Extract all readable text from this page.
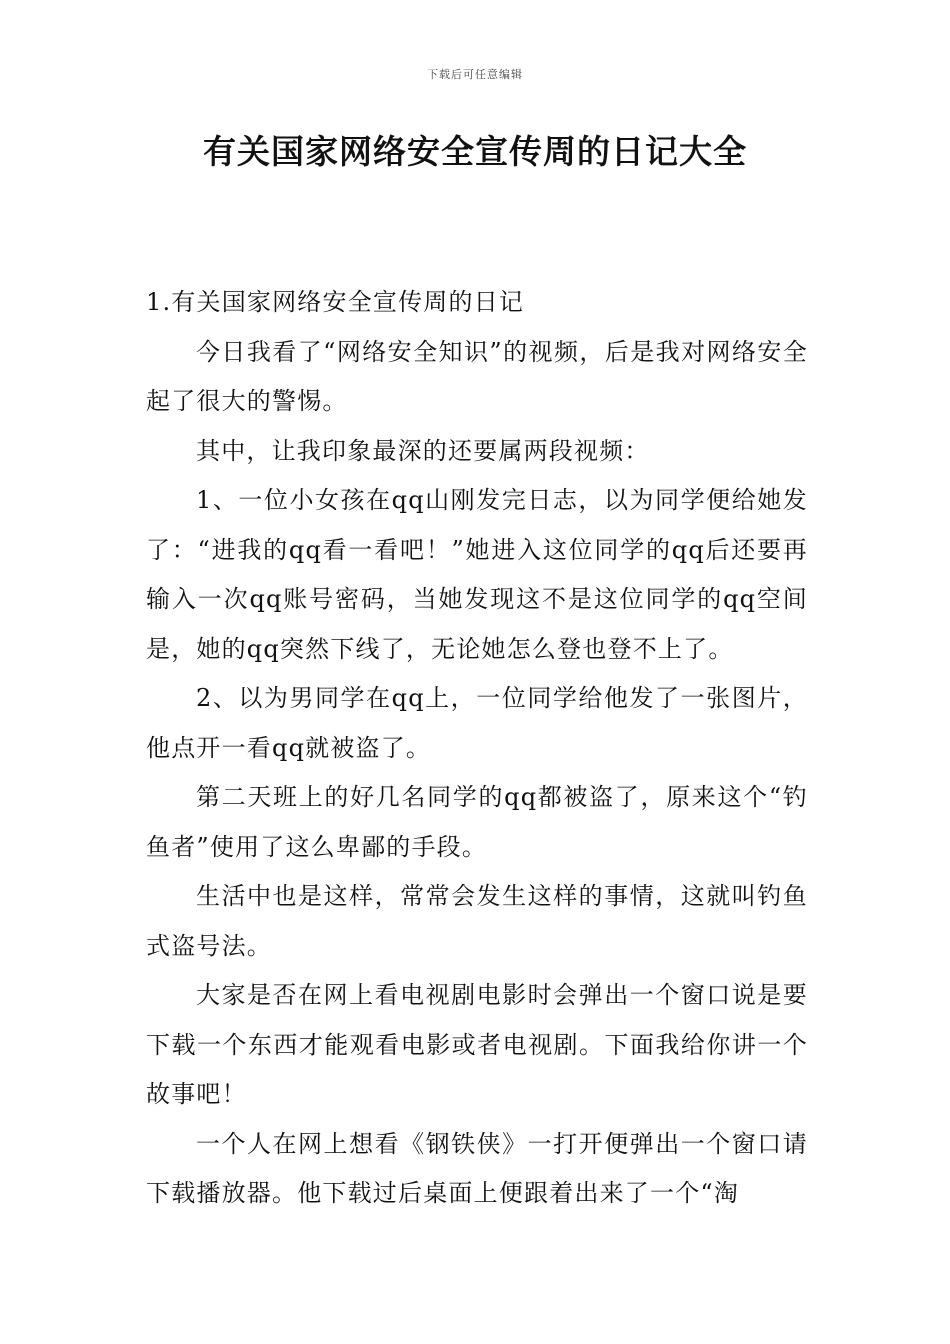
下载后可任意编辑
有关国家网络安全宣传周的日记大全

1.有关国家网络安全宣传周的日记

今日我看了“网络安全知识”的视频，后是我对网络安全起了很大的警惕。

其中，让我印象最深的还要属两段视频：

1、一位小女孩在qq山刚发完日志，以为同学便给她发了：“进我的qq看一看吧！”她进入这位同学的qq后还要再输入一次qq账号密码，当她发现这不是这位同学的qq空间是，她的qq突然下线了，无论她怎么登也登不上了。

2、以为男同学在qq上，一位同学给他发了一张图片，他点开一看qq就被盗了。

第二天班上的好几名同学的qq都被盗了，原来这个“钓鱼者”使用了这么卑鄙的手段。

生活中也是这样，常常会发生这样的事情，这就叫钓鱼式盗号法。

大家是否在网上看电视剧电影时会弹出一个窗口说是要下载一个东西才能观看电影或者电视剧。下面我给你讲一个故事吧！

一个人在网上想看《钢铁侠》一打开便弹出一个窗口请下载播放器。他下载过后桌面上便跟着出来了一个“淘
